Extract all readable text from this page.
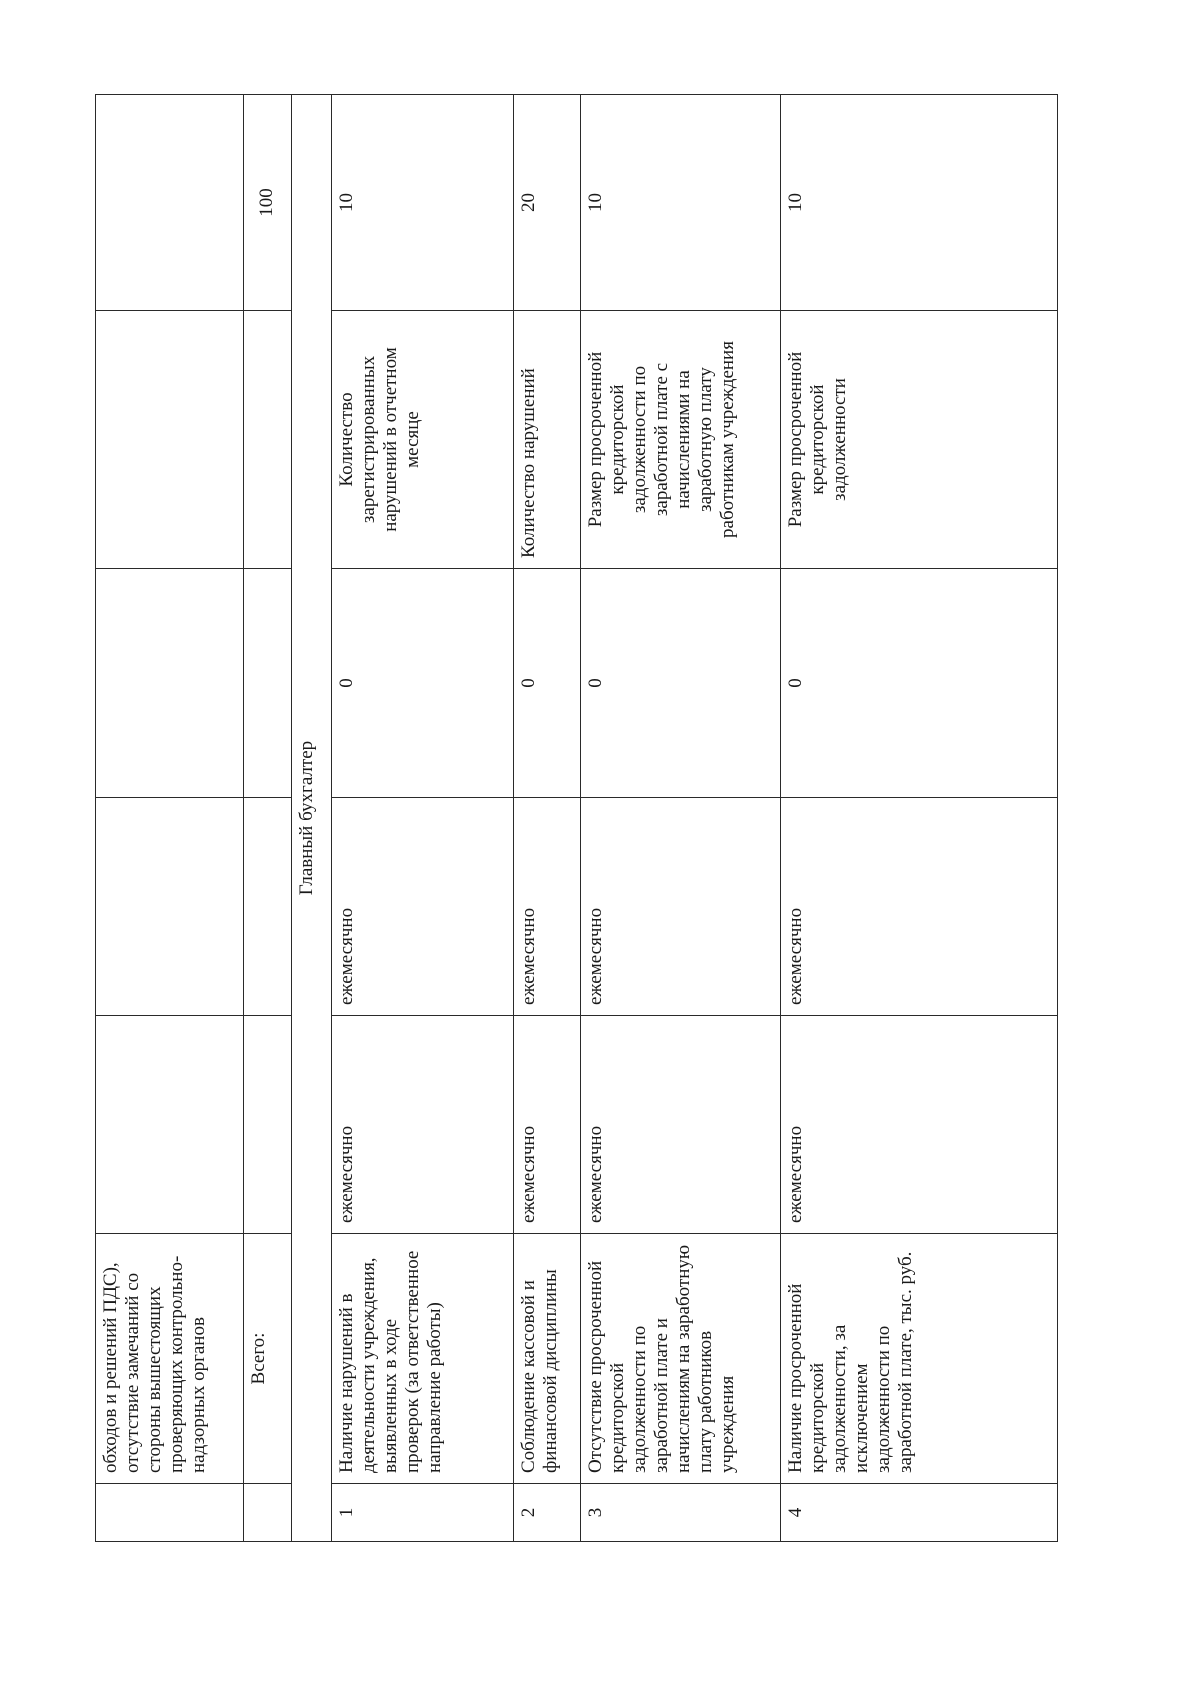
	обходов и решений ПДС), отсутствие замечаний со стороны вышестоящих проверяющих контрольно-надзорных органов					

	Всего:					100
Главный бухгалтер						
1	Наличие нарушений в деятельности учреждения, выявленных в ходе проверок (за ответственное направление работы)	ежемесячно	ежемесячно	0	Количество зарегистрированных нарушений в отчетном месяце	10
2	Соблюдение кассовой и финансовой дисциплины	ежемесячно	ежемесячно	0	Количество нарушений	20
3	Отсутствие просроченной кредиторской задолженности по заработной плате и начислениям на заработную плату работников учреждения	ежемесячно	ежемесячно	0	Размер просроченной кредиторской задолженности по заработной плате с начислениями на заработную плату работникам учреждения	10
4	Наличие просроченной кредиторской задолженности, за исключением задолженности по заработной плате, тыс. руб.	ежемесячно	ежемесячно	0	Размер просроченной кредиторской задолженности	10
